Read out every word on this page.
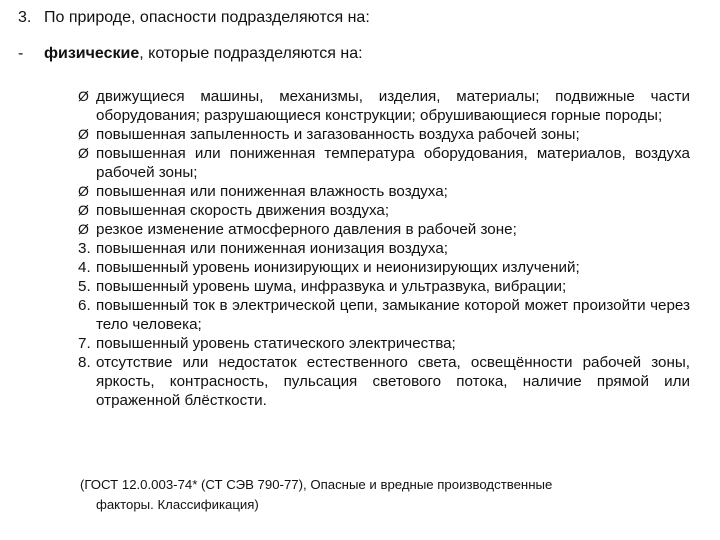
3. По природе, опасности подразделяются на:
- физические, которые подразделяются на:
Ø движущиеся машины, механизмы, изделия, материалы; подвижные части оборудования; разрушающиеся конструкции; обрушивающиеся горные породы;
Ø повышенная запыленность и загазованность воздуха рабочей зоны;
Ø повышенная или пониженная температура оборудования, материалов, воздуха рабочей зоны;
Ø повышенная или пониженная влажность воздуха;
Ø повышенная скорость движения воздуха;
Ø резкое изменение атмосферного давления в рабочей зоне;
3. повышенная или пониженная ионизация воздуха;
4. повышенный уровень ионизирующих и неионизирующих излучений;
5. повышенный уровень шума, инфразвука и ультразвука, вибрации;
6. повышенный ток в электрической цепи, замыкание которой может произойти через тело человека;
7. повышенный уровень статического электричества;
8. отсутствие или недостаток естественного света, освещённости рабочей зоны, яркость, контрасность, пульсация светового потока, наличие прямой или отраженной блёсткости.
(ГОСТ 12.0.003-74* (СТ СЭВ 790-77), Опасные и вредные производственные
факторы. Классификация)
